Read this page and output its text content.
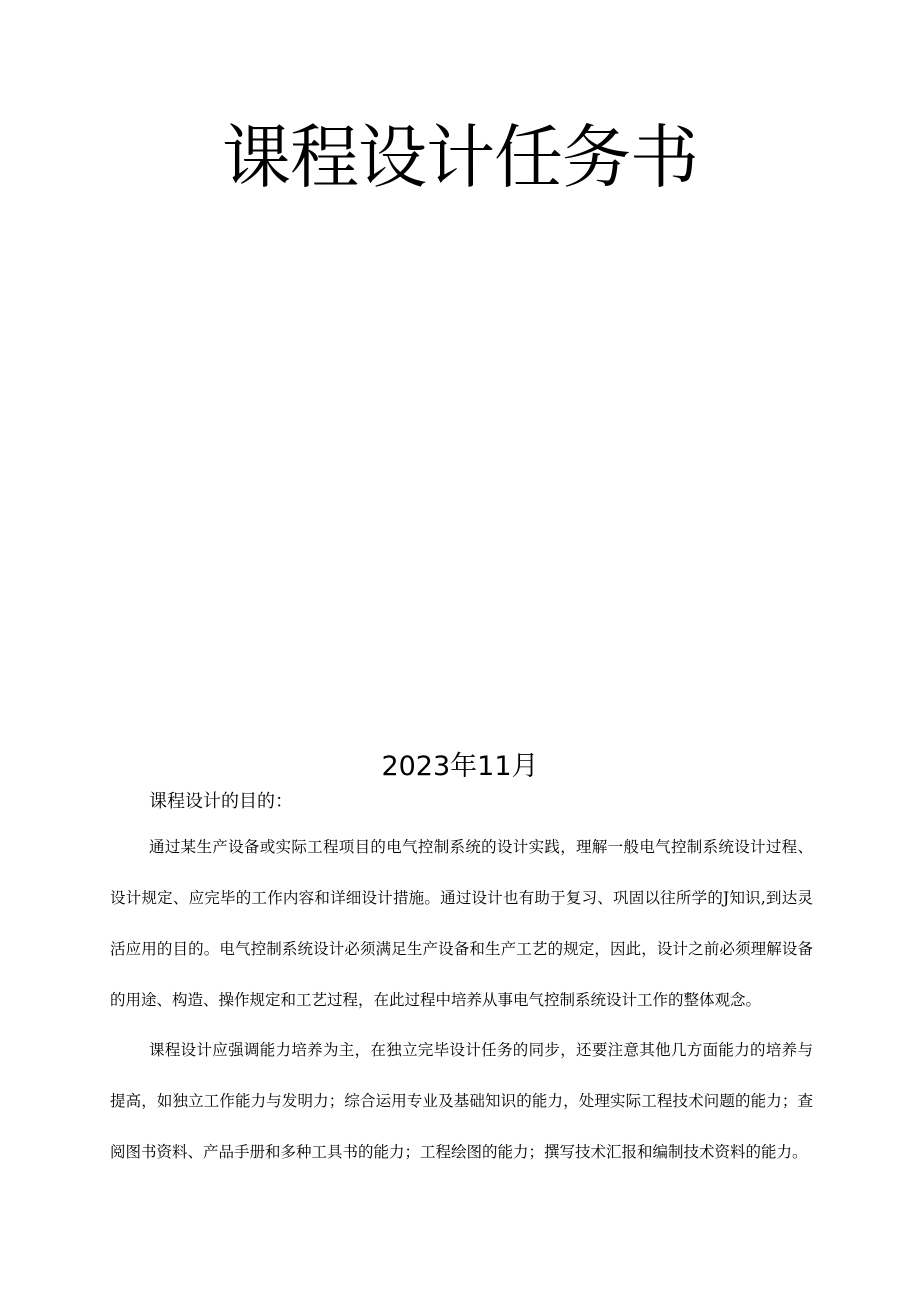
课程设计任务书
2023年11月
课程设计的目的：

通过某生产设备或实际工程项目的电气控制系统的设计实践，理解一般电气控制系统设计过程、设计规定、应完毕的工作内容和详细设计措施。通过设计也有助于复习、巩固以往所学的J知识,到达灵活应用的目的。电气控制系统设计必须满足生产设备和生产工艺的规定，因此，设计之前必须理解设备的用途、构造、操作规定和工艺过程，在此过程中培养从事电气控制系统设计工作的整体观念。

课程设计应强调能力培养为主，在独立完毕设计任务的同步，还要注意其他几方面能力的培养与提高，如独立工作能力与发明力；综合运用专业及基础知识的能力，处理实际工程技术问题的能力；查阅图书资料、产品手册和多种工具书的能力；工程绘图的能力；撰写技术汇报和编制技术资料的能力。
